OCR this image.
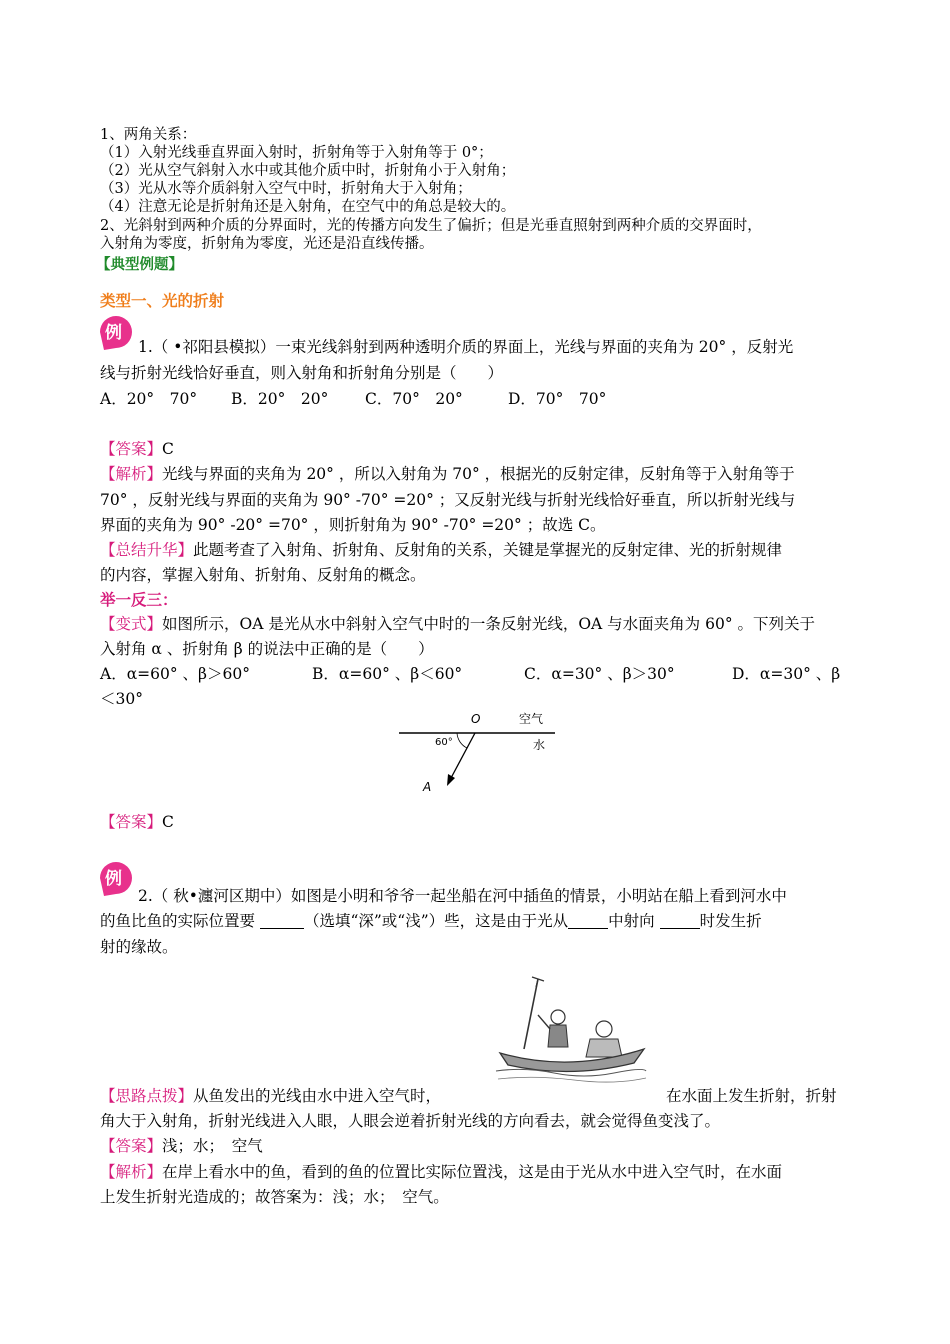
1、两角关系：
（1）入射光线垂直界面入射时，折射角等于入射角等于 0°；
（2）光从空气斜射入水中或其他介质中时，折射角小于入射角；
（3）光从水等介质斜射入空气中时，折射角大于入射角；
（4）注意无论是折射角还是入射角，在空气中的角总是较大的。
2、光斜射到两种介质的分界面时，光的传播方向发生了偏折；但是光垂直照射到两种介质的交界面时，
入射角为零度，折射角为零度，光还是沿直线传播。
【典型例题】
类型一、光的折射
例
1.（ •祁阳县模拟）一束光线斜射到两种透明介质的界面上，光线与界面的夹角为 20° ，反射光
线与折射光线恰好垂直，则入射角和折射角分别是（　　）
A．20°　70° B．20°　20° C．70°　20°	D．70°　70°
【答案】C
【解析】光线与界面的夹角为 20° ，所以入射角为 70° ，根据光的反射定律，反射角等于入射角等于
70° ，反射光线与界面的夹角为 90° -70° =20° ；又反射光线与折射光线恰好垂直，所以折射光线与
界面的夹角为 90° -20° =70° ，则折射角为 90° -70° =20° ；故选 C。
【总结升华】此题考查了入射角、折射角、反射角的关系，关键是掌握光的反射定律、光的折射规律
的内容，掌握入射角、折射角、反射角的概念。
举一反三：
【变式】如图所示，OA 是光从水中斜射入空气中时的一条反射光线，OA 与水面夹角为 60° 。下列关于
入射角 α 、折射角 β 的说法中正确的是（　　）
A．α=60° 、β＞60°	B．α=60° 、β＜60°	C．α=30° 、β＞30°	D．α=30° 、β
＜30°
O	空气
水
60°
A
【答案】C
例
2.（ 秋•瀍河区期中）如图是小明和爷爷一起坐船在河中插鱼的情景，小明站在船上看到河水中
的鱼比鱼的实际位置要	（选填“深”或“浅”）些，这是由于光从	中射向	时发生折
射的缘故。
【思路点拨】从鱼发出的光线由水中进入空气时，	在水面上发生折射，折射
角大于入射角，折射光线进入人眼，人眼会逆着折射光线的方向看去，就会觉得鱼变浅了。
【答案】浅；水；　空气
【解析】在岸上看水中的鱼，看到的鱼的位置比实际位置浅，这是由于光从水中进入空气时，在水面
上发生折射光造成的；故答案为：浅；水；　空气。
